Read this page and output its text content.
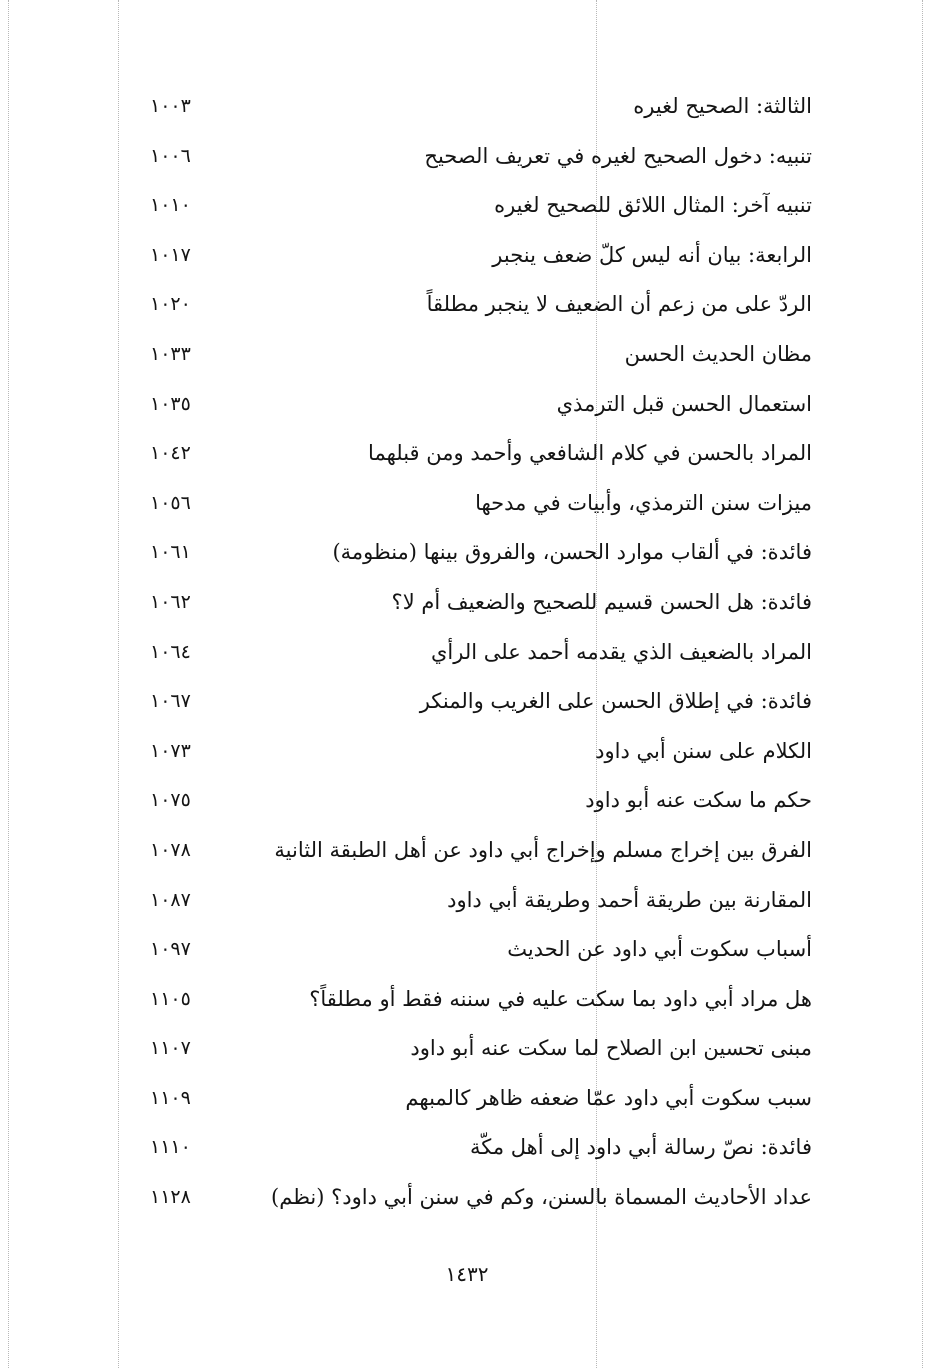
الثالثة: الصحيح لغيره
١٠٠٣
تنبيه: دخول الصحيح لغيره في تعريف الصحيح
١٠٠٦
تنبيه آخر: المثال اللائق للصحيح لغيره
١٠١٠
الرابعة: بيان أنه ليس كلّ ضعف ينجبر
١٠١٧
الردّ على من زعم أن الضعيف لا ينجبر مطلقاً
١٠٢٠
مظان الحديث الحسن
١٠٣٣
استعمال الحسن قبل الترمذي
١٠٣٥
المراد بالحسن في كلام الشافعي وأحمد ومن قبلهما
١٠٤٢
ميزات سنن الترمذي، وأبيات في مدحها
١٠٥٦
فائدة: في ألقاب موارد الحسن، والفروق بينها (منظومة)
١٠٦١
فائدة: هل الحسن قسيم للصحيح والضعيف أم لا؟
١٠٦٢
المراد بالضعيف الذي يقدمه أحمد على الرأي
١٠٦٤
فائدة: في إطلاق الحسن على الغريب والمنكر
١٠٦٧
الكلام على سنن أبي داود
١٠٧٣
حكم ما سكت عنه أبو داود
١٠٧٥
الفرق بين إخراج مسلم وإخراج أبي داود عن أهل الطبقة الثانية
١٠٧٨
المقارنة بين طريقة أحمد وطريقة أبي داود
١٠٨٧
أسباب سكوت أبي داود عن الحديث
١٠٩٧
هل مراد أبي داود بما سكت عليه في سننه فقط أو مطلقاً؟
١١٠٥
مبنى تحسين ابن الصلاح لما سكت عنه أبو داود
١١٠٧
سبب سكوت أبي داود عمّا ضعفه ظاهر كالمبهم
١١٠٩
فائدة: نصّ رسالة أبي داود إلى أهل مكّة
١١١٠
عداد الأحاديث المسماة بالسنن، وكم في سنن أبي داود؟ (نظم)
١١٢٨
١٤٣٢
